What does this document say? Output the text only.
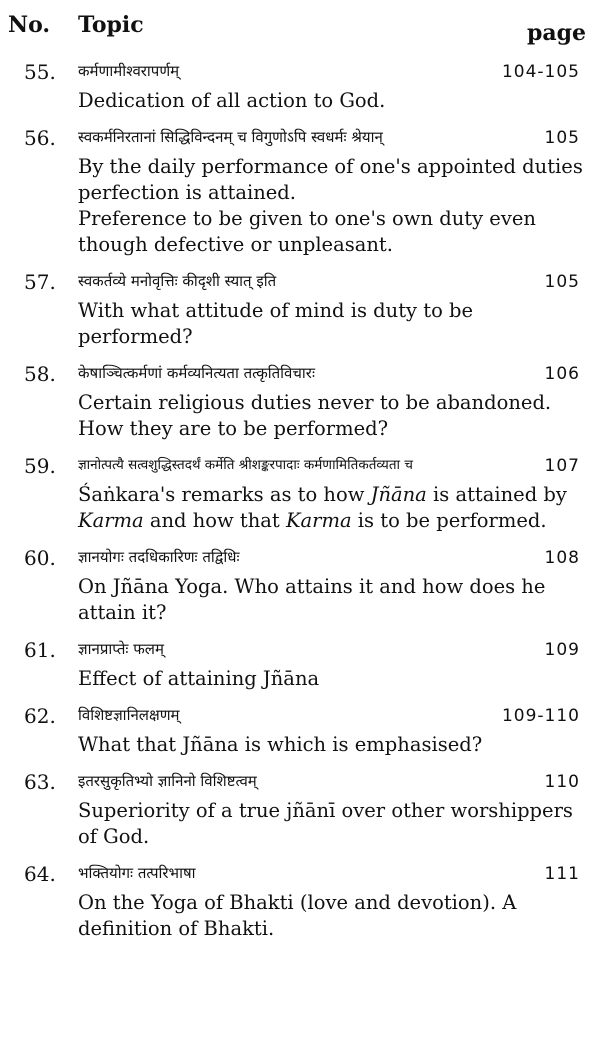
No. Topic	page
55. कर्मणामीश्वरापर्णम्	104-105
Dedication of all action to God.
56. स्वकर्मनिरतानां सिद्धिविन्दनम् च विगुणोऽपि स्वधर्मः श्रेयान्	105
By the daily performance of one's appointed duties perfection is attained.
Preference to be given to one's own duty even though defective or unpleasant.
57. स्वकर्तव्ये मनोवृत्तिः कीदृशी स्यात् इति	105
With what attitude of mind is duty to be performed?
58. केषाञ्चित्कर्मणां कर्मव्यनित्यता तत्कृतिविचारः	106
Certain religious duties never to be abandoned.
How they are to be performed?
59. ज्ञानोत्पत्यै सत्वशुद्धिस्तदर्थं कर्मेति श्रीशङ्करपादाः कर्मणामितिकर्तव्यता च	107
Śaṅkara's remarks as to how Jñāna is attained by Karma and how that Karma is to be performed.
60. ज्ञानयोगः तदधिकारिणः तद्विधिः	108
On Jñāna Yoga. Who attains it and how does he attain it?
61. ज्ञानप्राप्तेः फलम्	109
Effect of attaining Jñāna
62. विशिष्टज्ञानिलक्षणम्	109-110
What that Jñāna is which is emphasised?
63. इतरसुकृतिभ्यो ज्ञानिनो विशिष्टत्वम्	110
Superiority of a true jñānī over other worshippers of God.
64. भक्तियोगः तत्परिभाषा	111
On the Yoga of Bhakti (love and devotion). A definition of Bhakti.
